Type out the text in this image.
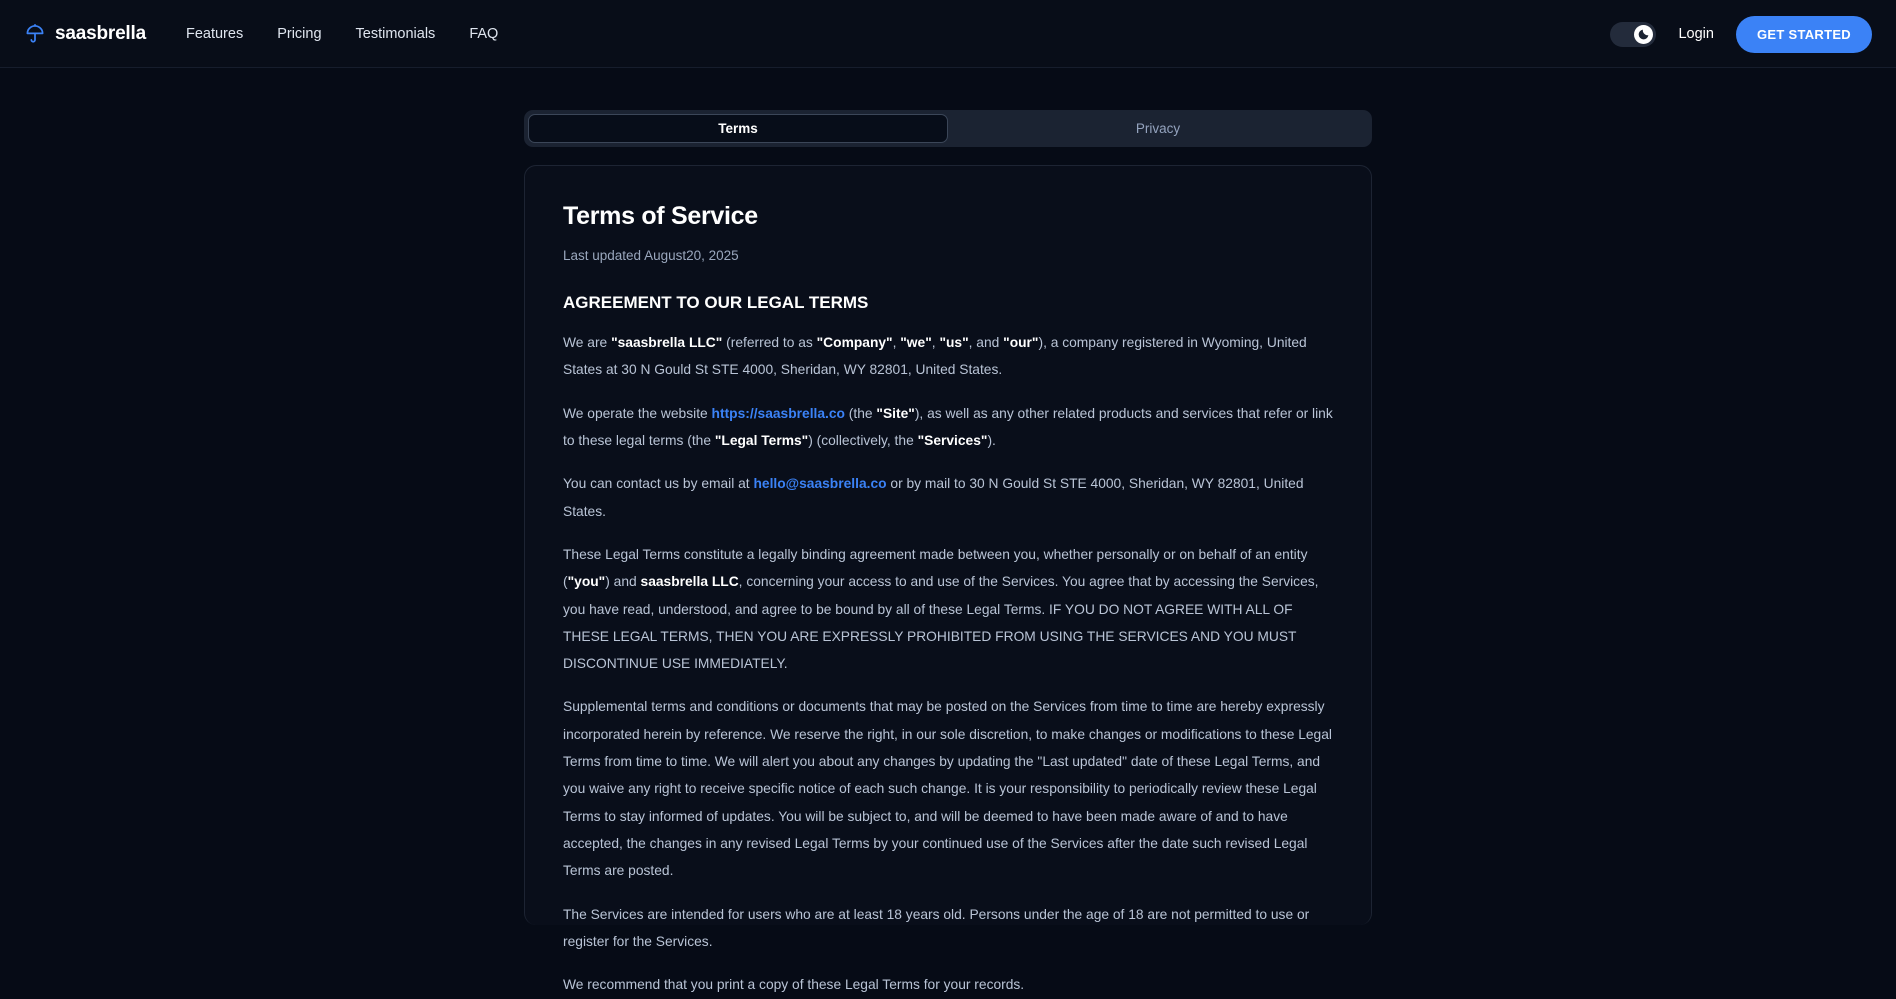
saasbrella	Features Pricing Testimonials FAQ	Login	GET STARTED
Terms	Privacy
Terms of Service
Last updated August20, 2025
AGREEMENT TO OUR LEGAL TERMS

We are "saasbrella LLC" (referred to as "Company", "we", "us", and "our"), a company registered in Wyoming, United States at 30 N Gould St STE 4000, Sheridan, WY 82801, United States.

We operate the website https://saasbrella.co (the "Site"), as well as any other related products and services that refer or link to these legal terms (the "Legal Terms") (collectively, the "Services").

You can contact us by email at hello@saasbrella.co or by mail to 30 N Gould St STE 4000, Sheridan, WY 82801, United States.

These Legal Terms constitute a legally binding agreement made between you, whether personally or on behalf of an entity ("you") and saasbrella LLC, concerning your access to and use of the Services. You agree that by accessing the Services, you have read, understood, and agree to be bound by all of these Legal Terms. IF YOU DO NOT AGREE WITH ALL OF THESE LEGAL TERMS, THEN YOU ARE EXPRESSLY PROHIBITED FROM USING THE SERVICES AND YOU MUST DISCONTINUE USE IMMEDIATELY.

Supplemental terms and conditions or documents that may be posted on the Services from time to time are hereby expressly incorporated herein by reference. We reserve the right, in our sole discretion, to make changes or modifications to these Legal Terms from time to time. We will alert you about any changes by updating the "Last updated" date of these Legal Terms, and you waive any right to receive specific notice of each such change. It is your responsibility to periodically review these Legal Terms to stay informed of updates. You will be subject to, and will be deemed to have been made aware of and to have accepted, the changes in any revised Legal Terms by your continued use of the Services after the date such revised Legal Terms are posted.

The Services are intended for users who are at least 18 years old. Persons under the age of 18 are not permitted to use or register for the Services.

We recommend that you print a copy of these Legal Terms for your records.
